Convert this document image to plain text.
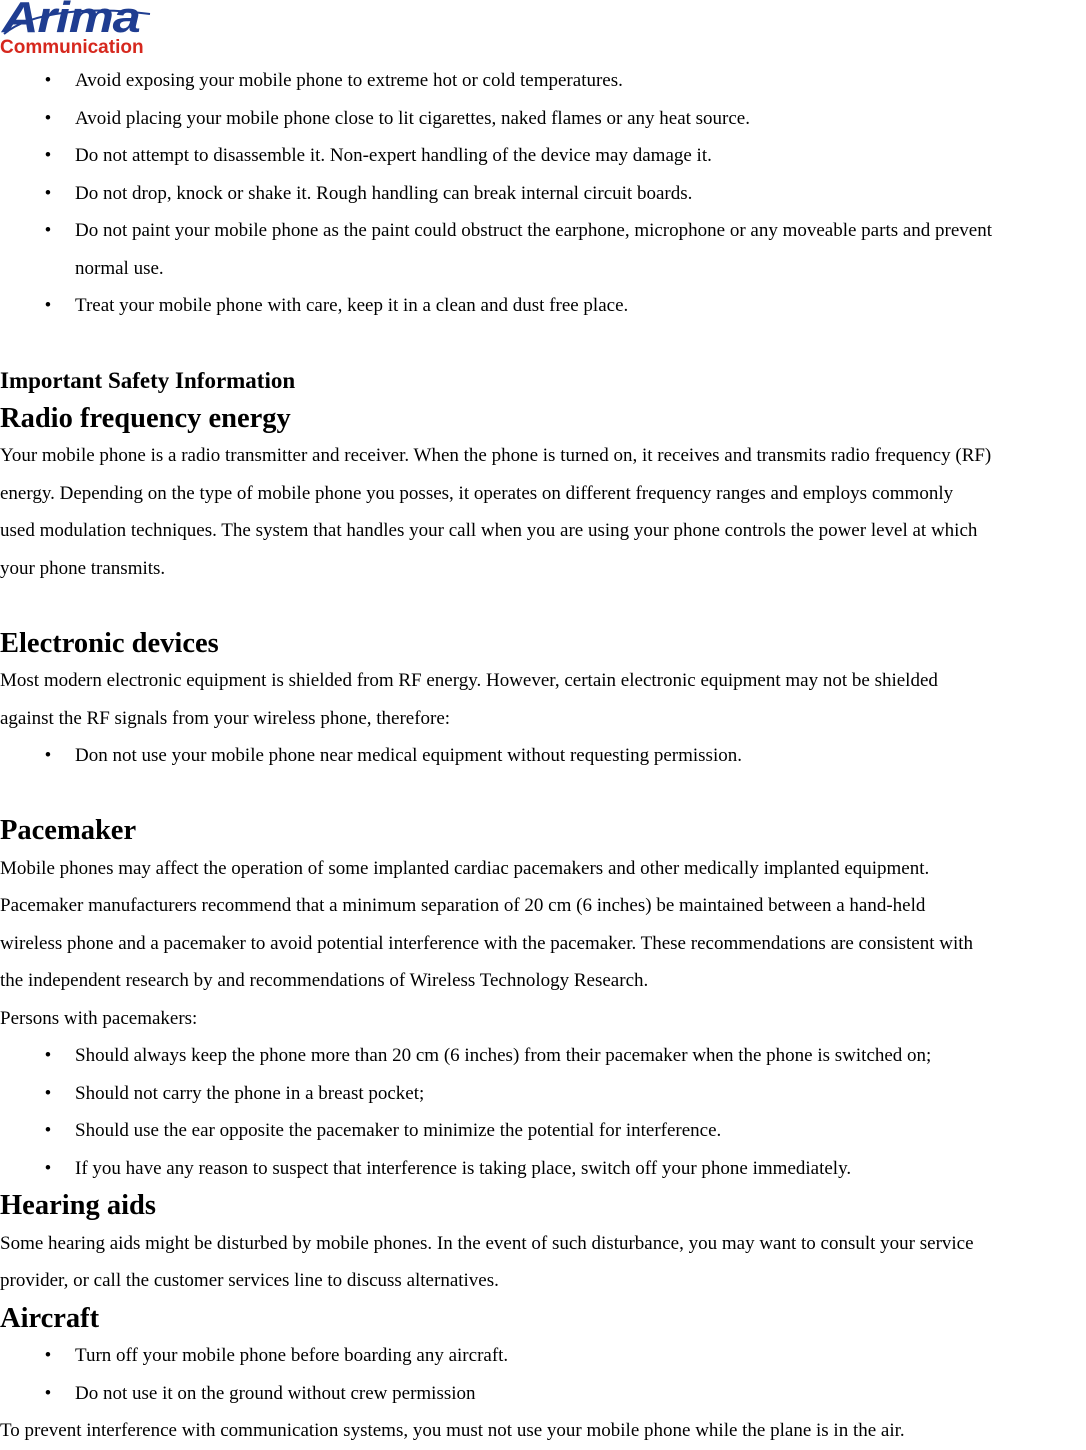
Arima
Communication

•	Avoid exposing your mobile phone to extreme hot or cold temperatures.

•	Avoid placing your mobile phone close to lit cigarettes, naked flames or any heat source.

•	Do not attempt to disassemble it. Non-expert handling of the device may damage it.

•	Do not drop, knock or shake it. Rough handling can break internal circuit boards.

•	Do not paint your mobile phone as the paint could obstruct the earphone, microphone or any moveable parts and prevent

normal use.

•	Treat your mobile phone with care, keep it in a clean and dust free place.

Important Safety Information
Radio frequency energy

Your mobile phone is a radio transmitter and receiver. When the phone is turned on, it receives and transmits radio frequency (RF)

energy. Depending on the type of mobile phone you posses, it operates on different frequency ranges and employs commonly

used modulation techniques. The system that handles your call when you are using your phone controls the power level at which

your phone transmits.

Electronic devices

Most modern electronic equipment is shielded from RF energy. However, certain electronic equipment may not be shielded

against the RF signals from your wireless phone, therefore:

•	Don not use your mobile phone near medical equipment without requesting permission.

Pacemaker

Mobile phones may affect the operation of some implanted cardiac pacemakers and other medically implanted equipment.

Pacemaker manufacturers recommend that a minimum separation of 20 cm (6 inches) be maintained between a hand-held

wireless phone and a pacemaker to avoid potential interference with the pacemaker. These recommendations are consistent with

the independent research by and recommendations of Wireless Technology Research.

Persons with pacemakers:

•	Should always keep the phone more than 20 cm (6 inches) from their pacemaker when the phone is switched on;

•	Should not carry the phone in a breast pocket;

•	Should use the ear opposite the pacemaker to minimize the potential for interference.

•	If you have any reason to suspect that interference is taking place, switch off your phone immediately.

Hearing aids

Some hearing aids might be disturbed by mobile phones. In the event of such disturbance, you may want to consult your service

provider, or call the customer services line to discuss alternatives.

Aircraft

•	Turn off your mobile phone before boarding any aircraft.

•	Do not use it on the ground without crew permission

To prevent interference with communication systems, you must not use your mobile phone while the plane is in the air.
